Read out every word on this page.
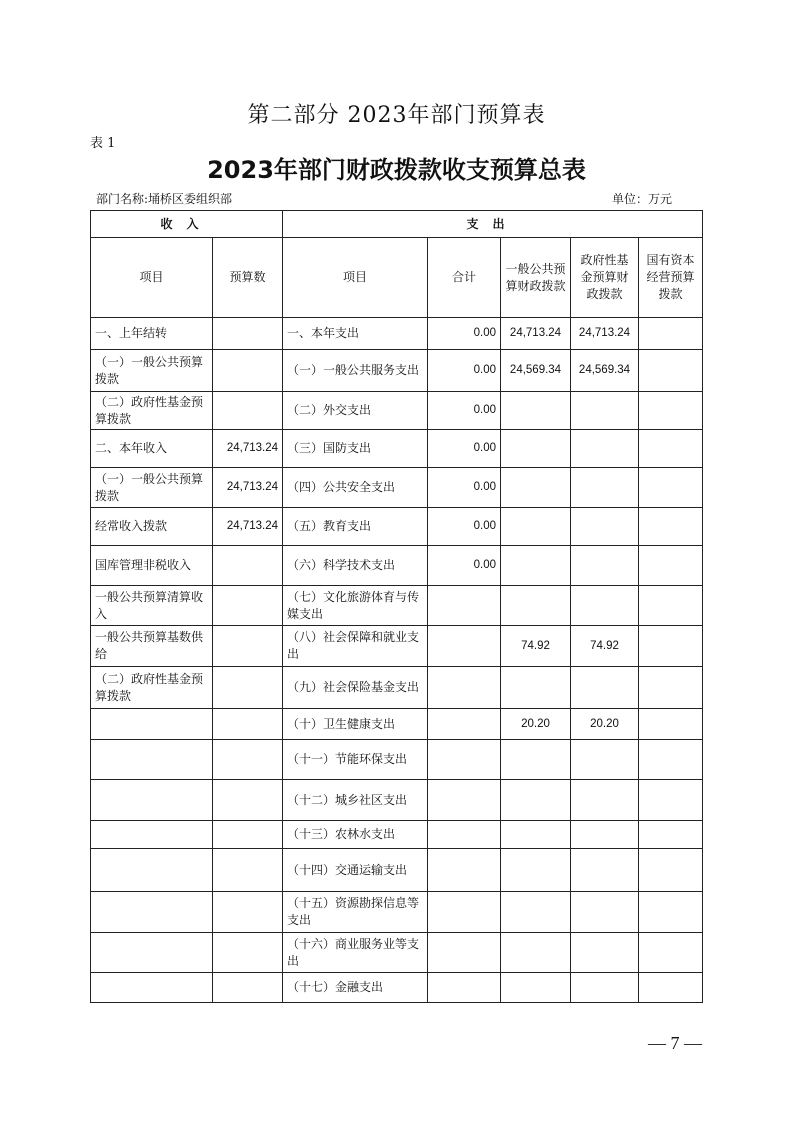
第二部分 2023年部门预算表
表 1
2023年部门财政拨款收支预算总表
部门名称:埇桥区委组织部	单位：万元
收入		支出				
项目	预算数	项目	合计	一般公共预算财政拨款	政府性基金预算财政拨款	国有资本经营预算拨款
一、上年结转		一、本年支出	0.00	24,713.24	24,713.24	
（一）一般公共预算拨款		（一）一般公共服务支出	0.00	24,569.34	24,569.34	
（二）政府性基金预算拨款		（二）外交支出	0.00			
二、本年收入	24,713.24	（三）国防支出	0.00			
（一）一般公共预算拨款	24,713.24	（四）公共安全支出	0.00			
经常收入拨款	24,713.24	（五）教育支出	0.00			
国库管理非税收入		（六）科学技术支出	0.00			
一般公共预算清算收入		（七）文化旅游体育与传媒支出				
一般公共预算基数供给		（八）社会保障和就业支出		74.92	74.92	
（二）政府性基金预算拨款		（九）社会保险基金支出				
		（十）卫生健康支出		20.20	20.20	
		（十一）节能环保支出				
		（十二）城乡社区支出				
		（十三）农林水支出				
		（十四）交通运输支出				
		（十五）资源勘探信息等支出				
		（十六）商业服务业等支出				
		（十七）金融支出				
— 7 —
